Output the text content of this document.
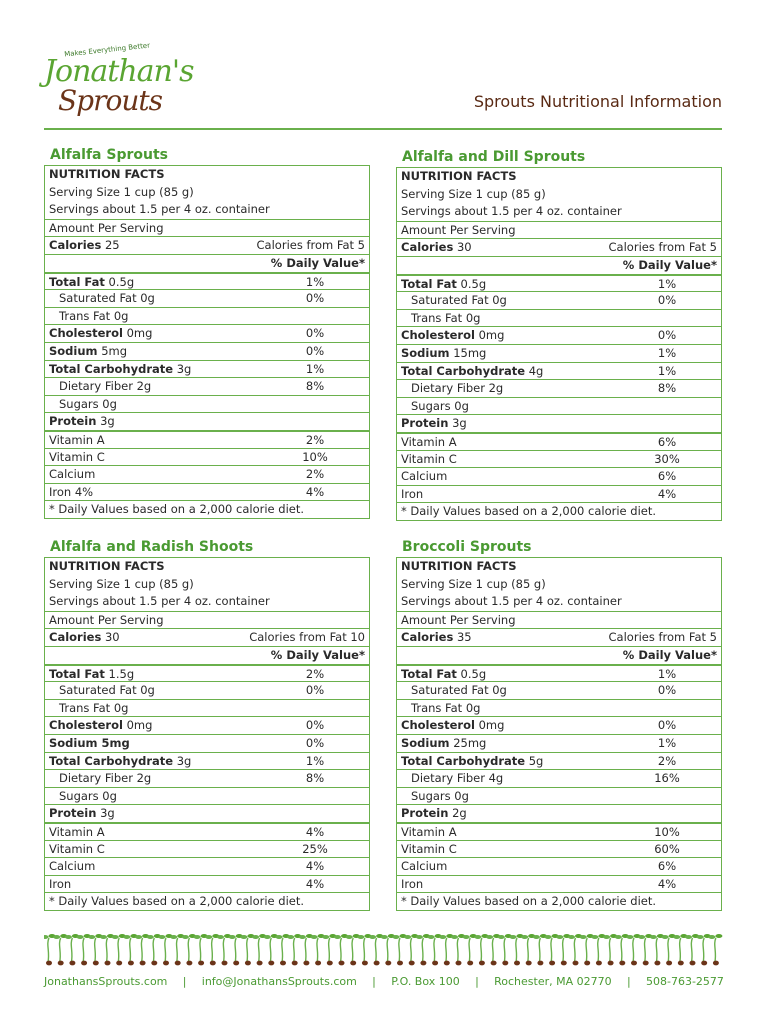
Makes Everything Better
Jonathan's
Sprouts	Sprouts Nutritional Information
Alfalfa Sprouts
NUTRITION FACTS
Serving Size 1 cup (85 g)
Servings about 1.5 per 4 oz. container
Amount Per Serving
Calories 25	Calories from Fat 5
% Daily Value*
Total Fat 0.5g	1%
Saturated Fat 0g	0%
Trans Fat 0g
Cholesterol 0mg	0%
Sodium 5mg	0%
Total Carbohydrate 3g	1%
Dietary Fiber 2g	8%
Sugars 0g
Protein 3g
Vitamin A	2%
Vitamin C	10%
Calcium	2%
Iron 4%	4%
* Daily Values based on a 2,000 calorie diet.
Alfalfa and Dill Sprouts
NUTRITION FACTS
Serving Size 1 cup (85 g)
Servings about 1.5 per 4 oz. container
Amount Per Serving
Calories 30	Calories from Fat 5
% Daily Value*
Total Fat 0.5g	1%
Saturated Fat 0g	0%
Trans Fat 0g
Cholesterol 0mg	0%
Sodium 15mg	1%
Total Carbohydrate 4g	1%
Dietary Fiber 2g	8%
Sugars 0g
Protein 3g
Vitamin A	6%
Vitamin C	30%
Calcium	6%
Iron	4%
* Daily Values based on a 2,000 calorie diet.
Alfalfa and Radish Shoots
NUTRITION FACTS
Serving Size 1 cup (85 g)
Servings about 1.5 per 4 oz. container
Amount Per Serving
Calories 30	Calories from Fat 10
% Daily Value*
Total Fat 1.5g	2%
Saturated Fat 0g	0%
Trans Fat 0g
Cholesterol 0mg	0%
Sodium 5mg	0%
Total Carbohydrate 3g	1%
Dietary Fiber 2g	8%
Sugars 0g
Protein 3g
Vitamin A	4%
Vitamin C	25%
Calcium	4%
Iron	4%
* Daily Values based on a 2,000 calorie diet.
Broccoli Sprouts
NUTRITION FACTS
Serving Size 1 cup (85 g)
Servings about 1.5 per 4 oz. container
Amount Per Serving
Calories 35	Calories from Fat 5
% Daily Value*
Total Fat 0.5g	1%
Saturated Fat 0g	0%
Trans Fat 0g
Cholesterol 0mg	0%
Sodium 25mg	1%
Total Carbohydrate 5g	2%
Dietary Fiber 4g	16%
Sugars 0g
Protein 2g
Vitamin A	10%
Vitamin C	60%
Calcium	6%
Iron	4%
* Daily Values based on a 2,000 calorie diet.
JonathansSprouts.com | info@JonathansSprouts.com | P.O. Box 100 | Rochester, MA 02770 | 508-763-2577
